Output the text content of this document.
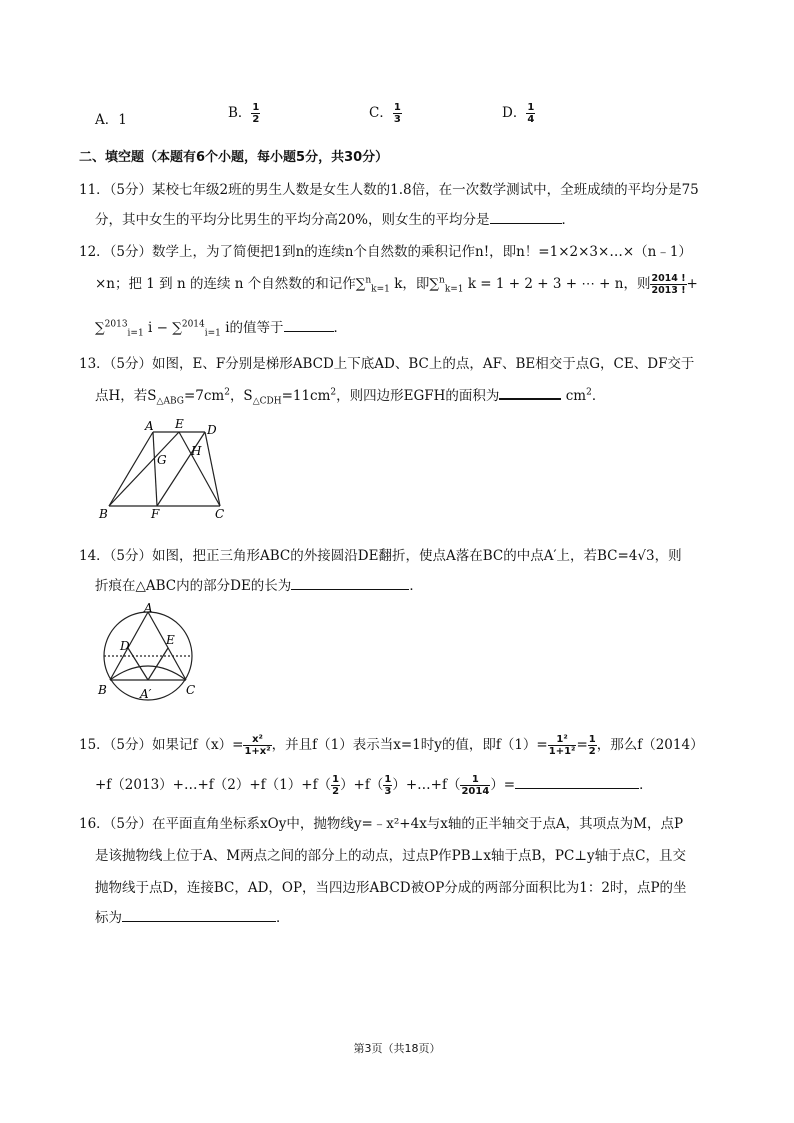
A．1	B． $\frac{1}{2}$	C． $\frac{1}{3}$	D． $\frac{1}{4}$
二、填空题（本题有6个小题，每小题5分，共30分）
11．（5分）某校七年级2班的男生人数是女生人数的1.8倍，在一次数学测试中，全班成绩的平均分是75
分，其中女生的平均分比男生的平均分高20%，则女生的平均分是	．
12．（5分）数学上，为了简便把1到n的连续n个自然数的乘积记作n!，即n！=1×2×3×…×（n﹣1）
×n；把 1 到 n 的连续 n 个自然数的和记作∑$^n_{k=1}$ k，即∑$^n_{k=1}$ k = 1 + 2 + 3 + ⋯ + n，则 $\frac{2014 !}{2013 !}$ +
∑$^{2013}_{i=1}$ i − ∑$^{2014}_{i=1}$ i的值等于	．
13．（5分）如图，E、F分别是梯形ABCD上下底AD、BC上的点，AF、BE相交于点G，CE、DF交于
点H，若$S_{\triangle ABG}=7cm^2$，$S_{\triangle CDH}=11cm^2$，则四边形EGFH的面积为	$cm^2$．
A E D
G
H
B	F	C
14．（5分）如图，把正三角形ABC的外接圆沿DE翻折，使点A落在BC的中点A′上，若BC=4√3，则
折痕在△ABC内的部分DE的长为	．
A
D	E
B	A′	C
15．（5分）如果记$f(x)= \frac{\text{x²}}{\text{1+x²}}$ ，并且f（1）表示当x=1时y的值，即$f(1)= \frac{\text{1²}}{\text{1+1²}} = \frac{1}{2}$ ，那么f（2014）
+f（2013）+…+f（2）+f（1）+f（ $\frac{1}{2} )+f( \frac{1}{3}$ ）+…+f（ $\frac{1}{2014}$ ）=	．
16．（5分）在平面直角坐标系xOy中，抛物线y=﹣x²+4x与x轴的正半轴交于点A，其项点为M，点P
是该抛物线上位于A、M两点之间的部分上的动点，过点P作PB⊥x轴于点B，PC⊥y轴于点C，且交
抛物线于点D，连接BC，AD，OP，当四边形ABCD被OP分成的两部分面积比为1：2时，点P的坐
标为	．
第3页（共18页）
